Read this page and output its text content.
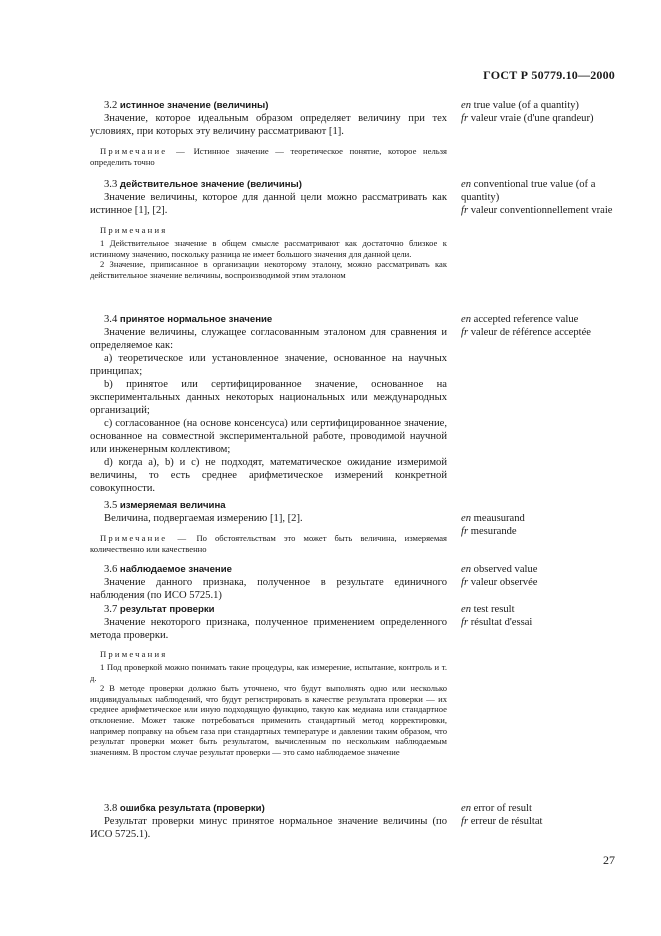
ГОСТ Р 50779.10—2000

3.2 истинное значение (величины)

Значение, которое идеальным образом определяет величину при тех условиях, при которых эту величину рассматривают [1].

Примечание — Истинное значение — теоретическое понятие, которое нельзя определить точно

en true value (of a quantity)

fr valeur vraie (d'une qrandeur)

3.3 действительное значение (величины)

Значение величины, которое для данной цели можно рассматривать как истинное [1], [2].

Примечания

1 Действительное значение в общем смысле рассматривают как достаточно близкое к истинному значению, поскольку разница не имеет большого значения для данной цели.

2 Значение, приписанное в организации некоторому эталону, можно рассматривать как действительное значение величины, воспроизводимой этим эталоном

en conventional true value (of a quantity)

fr valeur conventionnellement vraie

3.4 принятое нормальное значение

Значение величины, служащее согласованным эталоном для сравнения и определяемое как:

a) теоретическое или установленное значение, основанное на научных принципах;

b) принятое или сертифицированное значение, основанное на экспериментальных данных некоторых национальных или международных организаций;

c) согласованное (на основе консенсуса) или сертифицированное значение, основанное на совместной экспериментальной работе, проводимой научной или инженерным коллективом;

d) когда a), b) и c) не подходят, математическое ожидание измеримой величины, то есть среднее арифметическое измерений конкретной совокупности.

en accepted reference value

fr valeur de référence acceptée

3.5 измеряемая величина

Величина, подвергаемая измерению [1], [2].

Примечание — По обстоятельствам это может быть величина, измеряемая количественно или качественно

en meausurand

fr mesurande

3.6 наблюдаемое значение

Значение данного признака, полученное в результате единичного наблюдения (по ИСО 5725.1)

en observed value

fr valeur observée

3.7 результат проверки

Значение некоторого признака, полученное применением определенного метода проверки.

Примечания

1 Под проверкой можно понимать такие процедуры, как измерение, испытание, контроль и т. д.

2 В методе проверки должно быть уточнено, что будут выполнять одно или несколько индивидуальных наблюдений, что будут регистрировать в качестве результата проверки — их среднее арифметическое или иную подходящую функцию, такую как медиана или стандартное отклонение. Может также потребоваться применить стандартный метод корректировки, например поправку на объем газа при стандартных температуре и давлении таким образом, что результат проверки может быть результатом, вычисленным по нескольким наблюдаемым значениям. В простом случае результат проверки — это само наблюдаемое значение

en test result

fr résultat d'essai

3.8 ошибка результата (проверки)

Результат проверки минус принятое нормальное значение величины (по ИСО 5725.1).

en error of result

fr erreur de résultat

27
